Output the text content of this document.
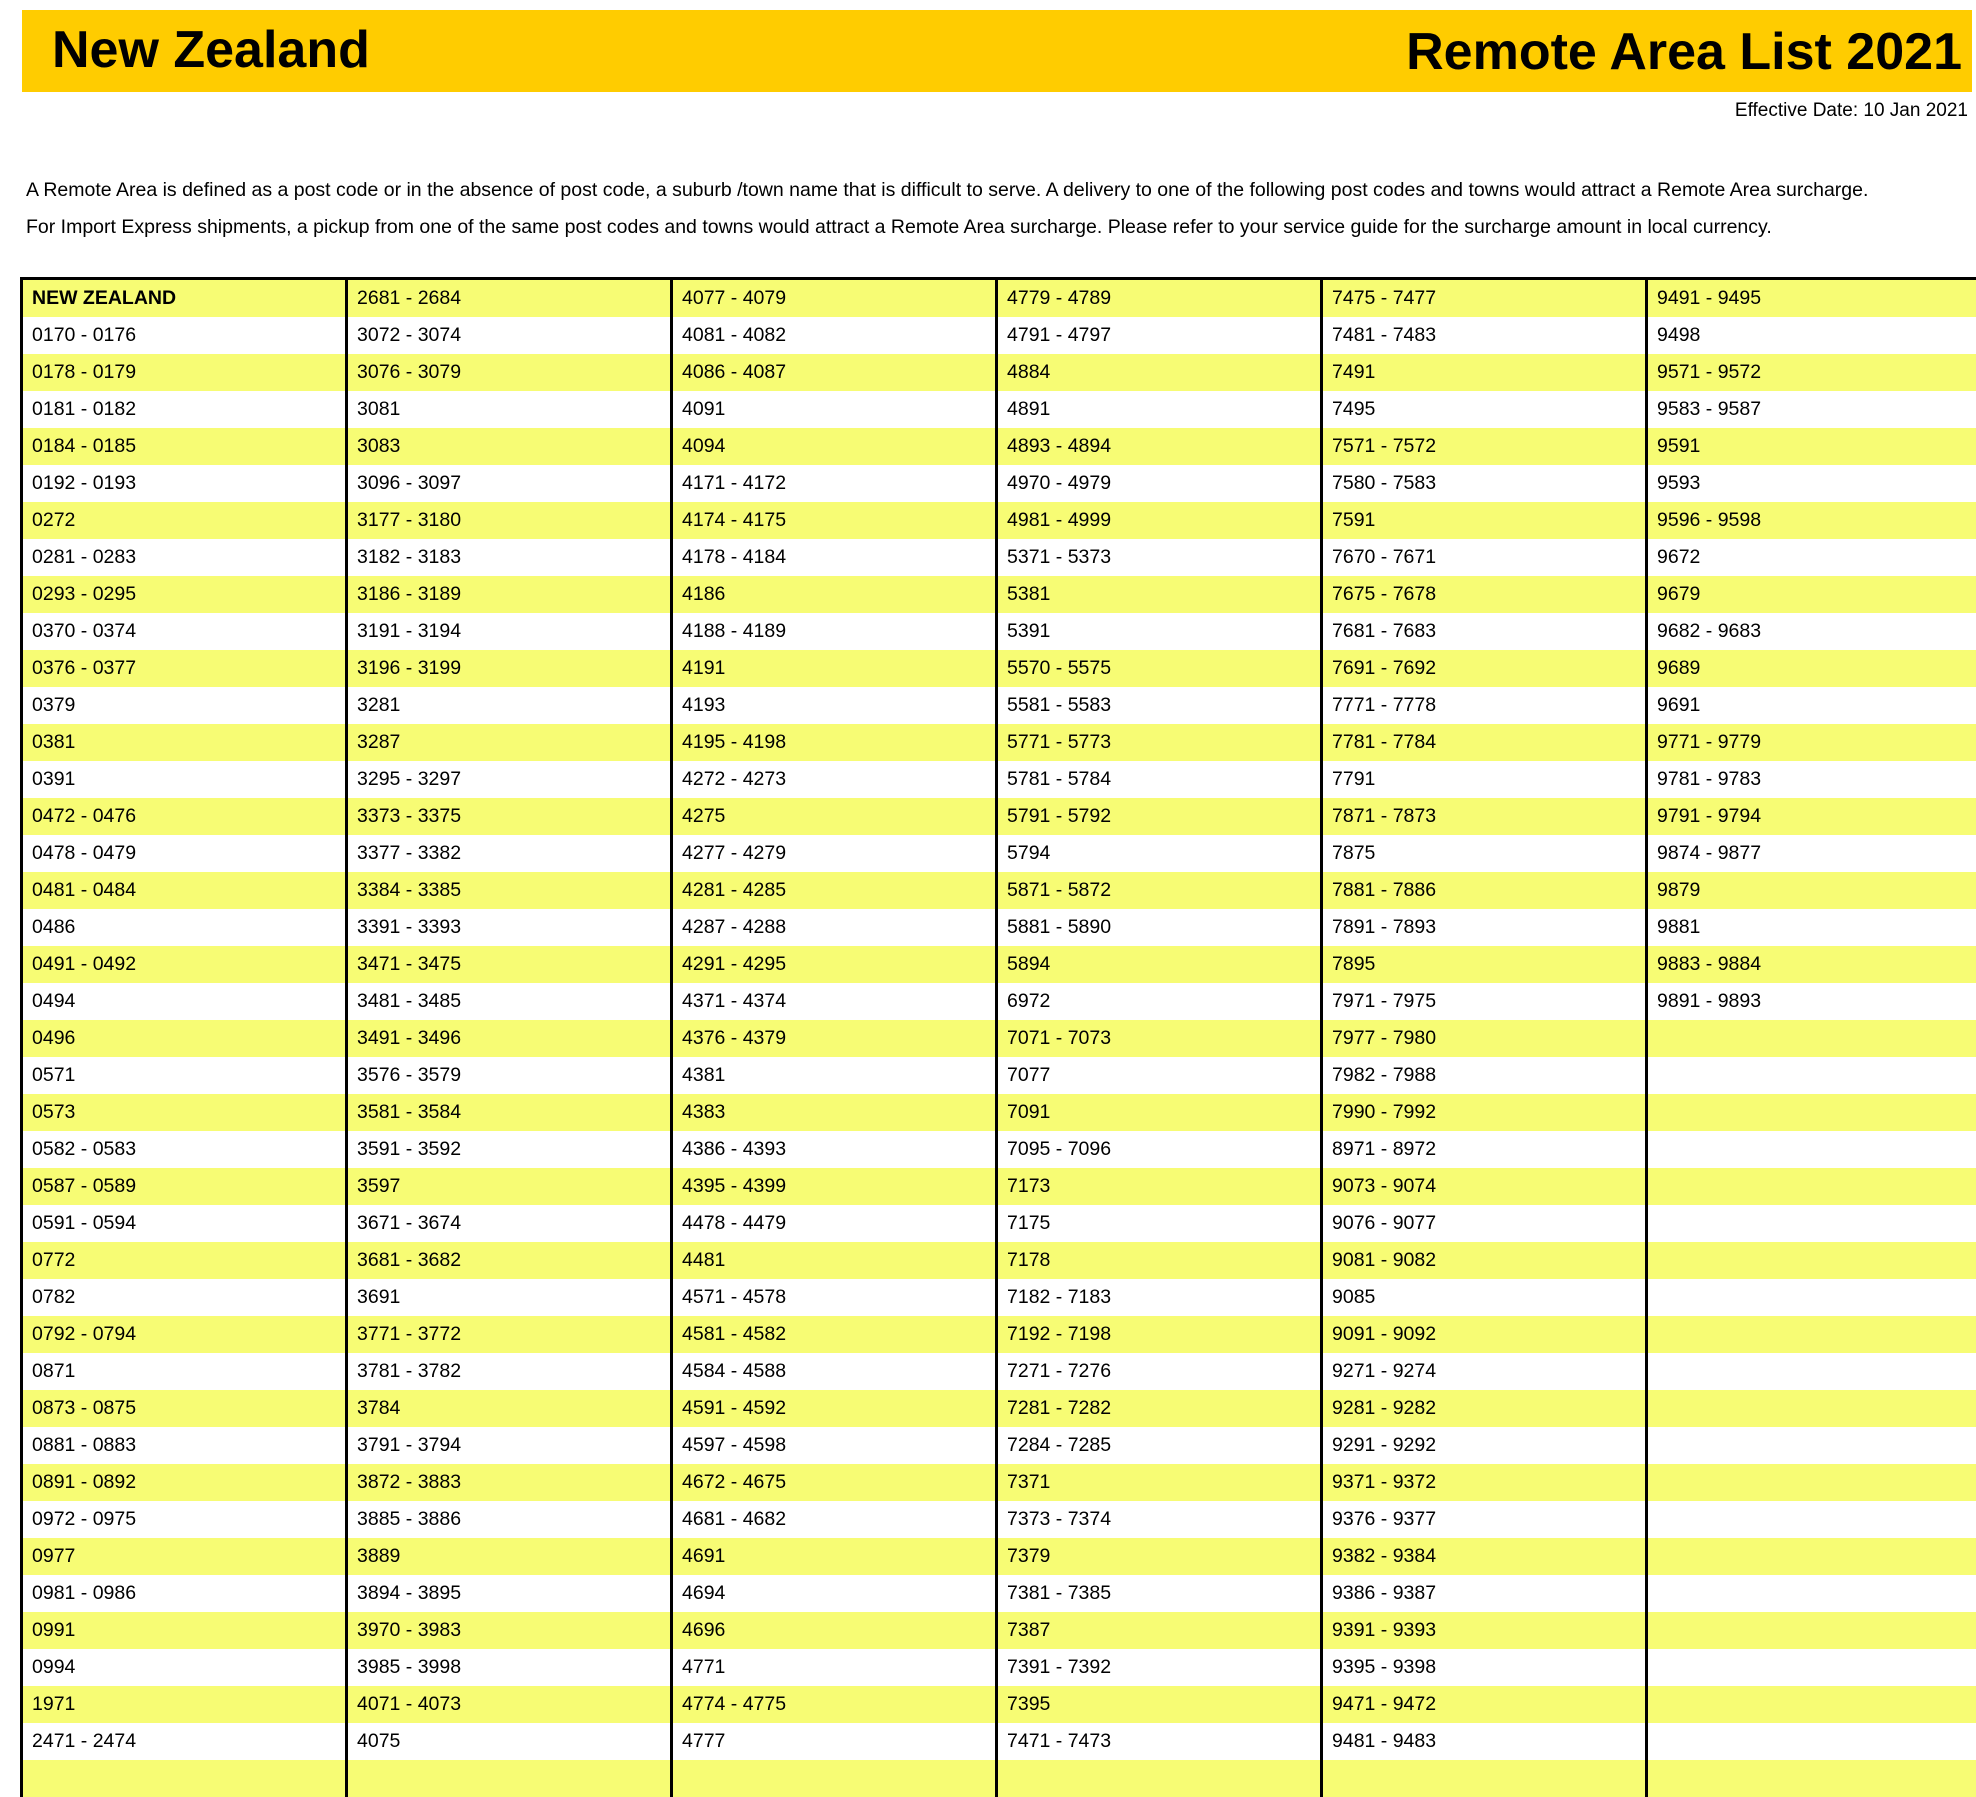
New Zealand	Remote Area List 2021
Effective Date: 10 Jan 2021

A Remote Area is defined as a post code or in the absence of post code, a suburb /town name that is difficult to serve. A delivery to one of the following post codes and towns would attract a Remote Area surcharge.

For Import Express shipments, a pickup from one of the same post codes and towns would attract a Remote Area surcharge. Please refer to your service guide for the surcharge amount in local currency.

NEW ZEALAND
0170 - 0176
0178 - 0179
0181 - 0182
0184 - 0185
0192 - 0193
0272
0281 - 0283
0293 - 0295
0370 - 0374
0376 - 0377
0379
0381
0391
0472 - 0476
0478 - 0479
0481 - 0484
0486
0491 - 0492
0494
0496
0571
0573
0582 - 0583
0587 - 0589
0591 - 0594
0772
0782
0792 - 0794
0871
0873 - 0875
0881 - 0883
0891 - 0892
0972 - 0975
0977
0981 - 0986
0991
0994
1971
2471 - 2474
2681 - 2684
3072 - 3074
3076 - 3079
3081
3083
3096 - 3097
3177 - 3180
3182 - 3183
3186 - 3189
3191 - 3194
3196 - 3199
3281
3287
3295 - 3297
3373 - 3375
3377 - 3382
3384 - 3385
3391 - 3393
3471 - 3475
3481 - 3485
3491 - 3496
3576 - 3579
3581 - 3584
3591 - 3592
3597
3671 - 3674
3681 - 3682
3691
3771 - 3772
3781 - 3782
3784
3791 - 3794
3872 - 3883
3885 - 3886
3889
3894 - 3895
3970 - 3983
3985 - 3998
4071 - 4073
4075
4077 - 4079
4081 - 4082
4086 - 4087
4091
4094
4171 - 4172
4174 - 4175
4178 - 4184
4186
4188 - 4189
4191
4193
4195 - 4198
4272 - 4273
4275
4277 - 4279
4281 - 4285
4287 - 4288
4291 - 4295
4371 - 4374
4376 - 4379
4381
4383
4386 - 4393
4395 - 4399
4478 - 4479
4481
4571 - 4578
4581 - 4582
4584 - 4588
4591 - 4592
4597 - 4598
4672 - 4675
4681 - 4682
4691
4694
4696
4771
4774 - 4775
4777
4779 - 4789
4791 - 4797
4884
4891
4893 - 4894
4970 - 4979
4981 - 4999
5371 - 5373
5381
5391
5570 - 5575
5581 - 5583
5771 - 5773
5781 - 5784
5791 - 5792
5794
5871 - 5872
5881 - 5890
5894
6972
7071 - 7073
7077
7091
7095 - 7096
7173
7175
7178
7182 - 7183
7192 - 7198
7271 - 7276
7281 - 7282
7284 - 7285
7371
7373 - 7374
7379
7381 - 7385
7387
7391 - 7392
7395
7471 - 7473
7475 - 7477
7481 - 7483
7491
7495
7571 - 7572
7580 - 7583
7591
7670 - 7671
7675 - 7678
7681 - 7683
7691 - 7692
7771 - 7778
7781 - 7784
7791
7871 - 7873
7875
7881 - 7886
7891 - 7893
7895
7971 - 7975
7977 - 7980
7982 - 7988
7990 - 7992
8971 - 8972
9073 - 9074
9076 - 9077
9081 - 9082
9085
9091 - 9092
9271 - 9274
9281 - 9282
9291 - 9292
9371 - 9372
9376 - 9377
9382 - 9384
9386 - 9387
9391 - 9393
9395 - 9398
9471 - 9472
9481 - 9483
9491 - 9495
9498
9571 - 9572
9583 - 9587
9591
9593
9596 - 9598
9672
9679
9682 - 9683
9689
9691
9771 - 9779
9781 - 9783
9791 - 9794
9874 - 9877
9879
9881
9883 - 9884
9891 - 9893
